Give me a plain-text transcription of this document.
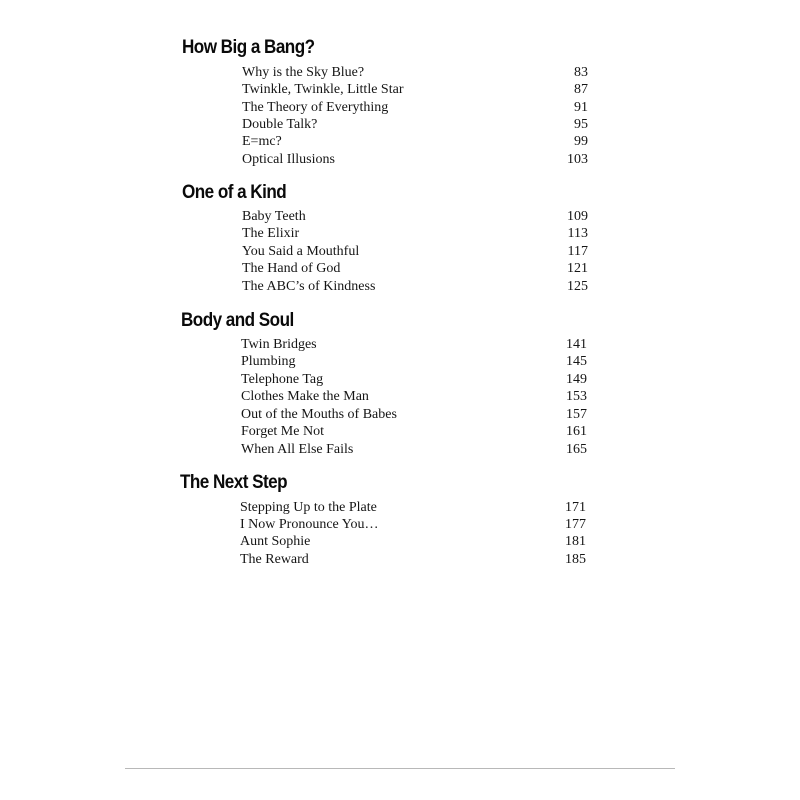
How Big a Bang?
Why is the Sky Blue?	83
Twinkle, Twinkle, Little Star	87
The Theory of Everything	91
Double Talk?	95
E=mc?	99
Optical Illusions	103
One of a Kind
Baby Teeth	109
The Elixir	113
You Said a Mouthful	117
The Hand of God	121
The ABC’s of Kindness	125
Body and Soul
Twin Bridges	141
Plumbing	145
Telephone Tag	149
Clothes Make the Man	153
Out of the Mouths of Babes	157
Forget Me Not	161
When All Else Fails	165
The Next Step
Stepping Up to the Plate	171
I Now Pronounce You…	177
Aunt Sophie	181
The Reward	185
